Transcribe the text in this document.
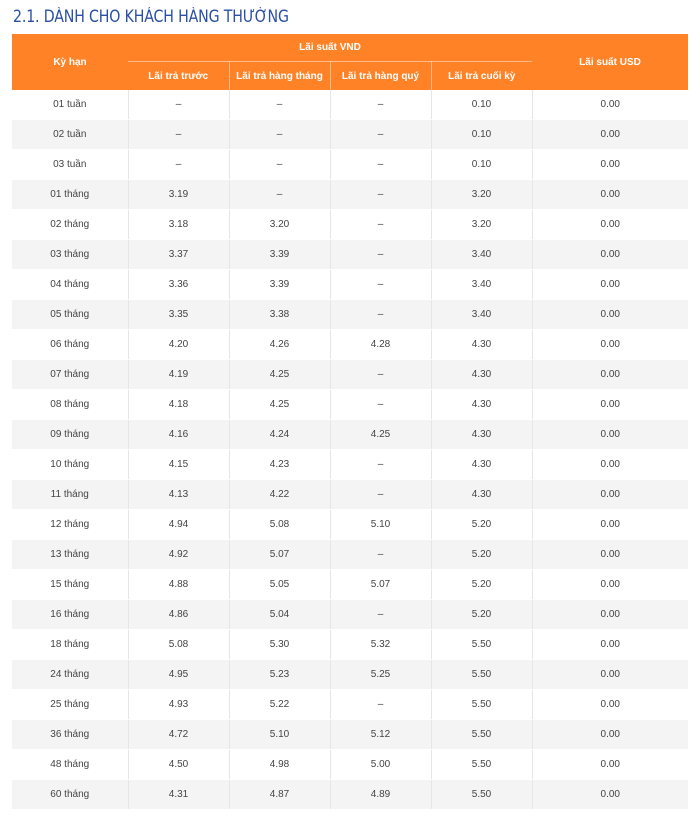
2.1. DÀNH CHO KHÁCH HÀNG THƯỜNG
Kỳ hạn	Lãi suất VND				Lãi suất USD
	Lãi trả trước	Lãi trả hàng tháng	Lãi trả hàng quý	Lãi trả cuối kỳ	
01 tuần	–	–	–	0.10	0.00
02 tuần	–	–	–	0.10	0.00
03 tuần	–	–	–	0.10	0.00
01 tháng	3.19	–	–	3.20	0.00
02 tháng	3.18	3.20	–	3.20	0.00
03 tháng	3.37	3.39	–	3.40	0.00
04 tháng	3.36	3.39	–	3.40	0.00
05 tháng	3.35	3.38	–	3.40	0.00
06 tháng	4.20	4.26	4.28	4.30	0.00
07 tháng	4.19	4.25	–	4.30	0.00
08 tháng	4.18	4.25	–	4.30	0.00
09 tháng	4.16	4.24	4.25	4.30	0.00
10 tháng	4.15	4.23	–	4.30	0.00
11 tháng	4.13	4.22	–	4.30	0.00
12 tháng	4.94	5.08	5.10	5.20	0.00
13 tháng	4.92	5.07	–	5.20	0.00
15 tháng	4.88	5.05	5.07	5.20	0.00
16 tháng	4.86	5.04	–	5.20	0.00
18 tháng	5.08	5.30	5.32	5.50	0.00
24 tháng	4.95	5.23	5.25	5.50	0.00
25 tháng	4.93	5.22	–	5.50	0.00
36 tháng	4.72	5.10	5.12	5.50	0.00
48 tháng	4.50	4.98	5.00	5.50	0.00
60 tháng	4.31	4.87	4.89	5.50	0.00
